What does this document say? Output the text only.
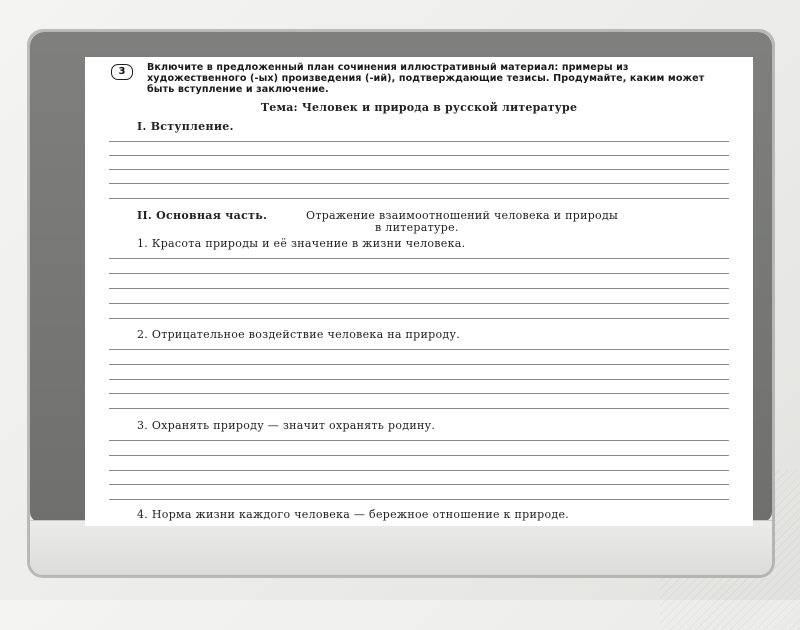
3	Включите в предложенный план сочинения иллюстративный материал: примеры из художественного (-ых) произведения (-ий), подтверждающие тезисы. Продумайте, каким может быть вступление и заключение.

Тема: Человек и природа в русской литературе

I. Вступление.

II. Основная часть.	Отражение взаимоотношений человека и природы

в литературе.

1. Красота природы и её значение в жизни человека.

2. Отрицательное воздействие человека на природу.

3. Охранять природу — значит охранять родину.

4. Норма жизни каждого человека — бережное отношение к природе.
